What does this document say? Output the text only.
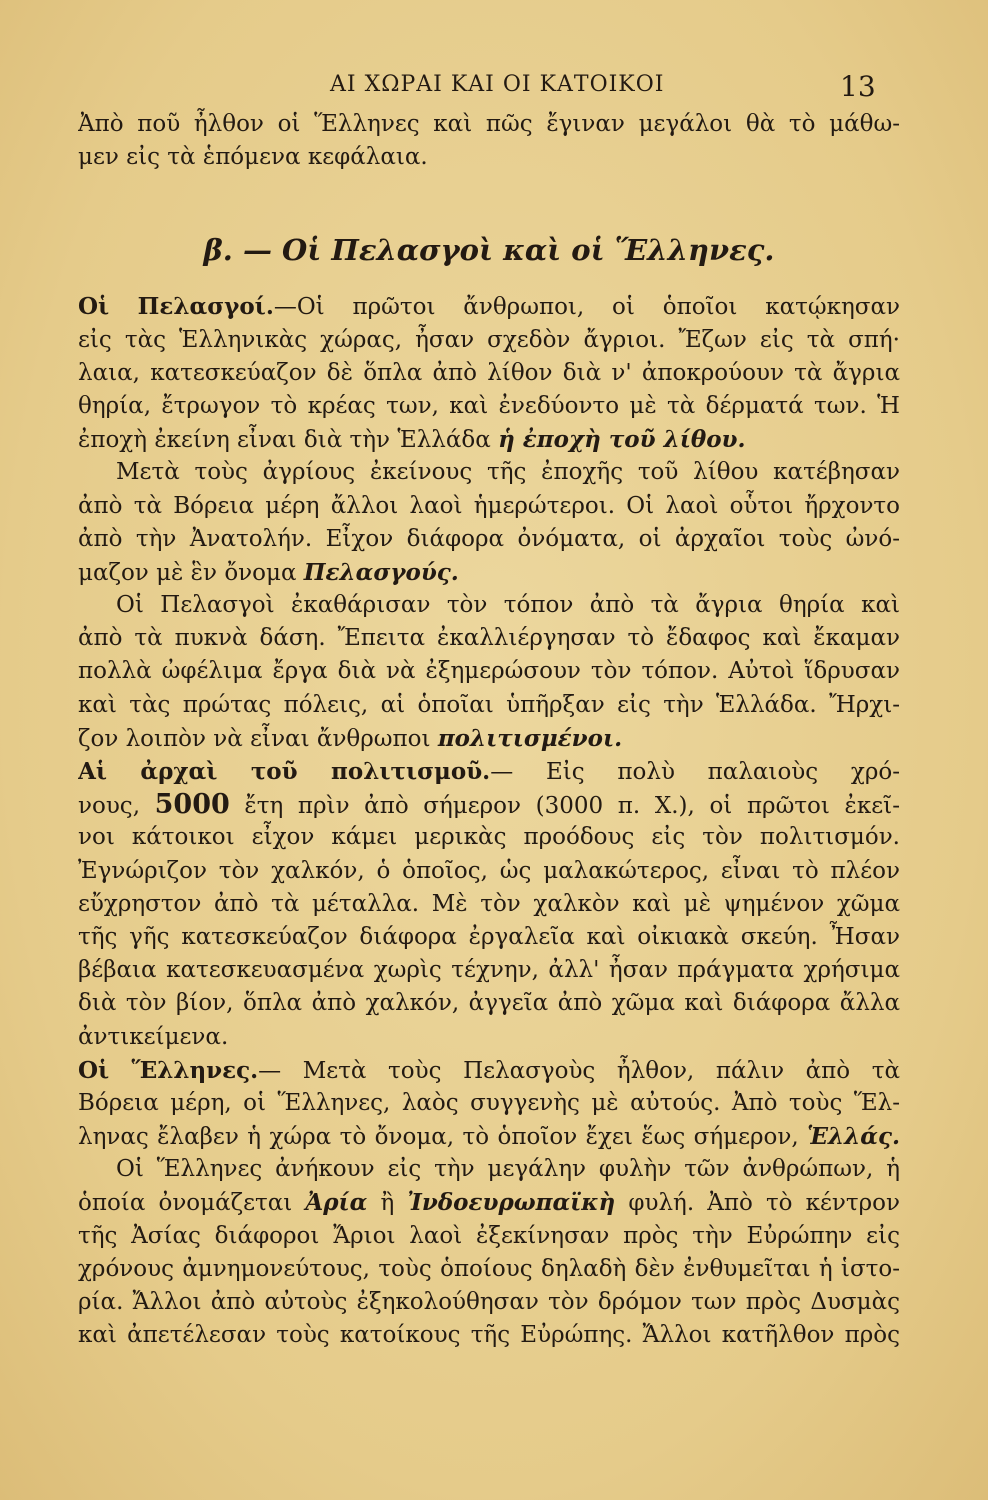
ΑΙ ΧΩΡΑΙ ΚΑΙ ΟΙ ΚΑΤΟΙΚΟΙ	13
Ἀπὸ ποῦ ἦλθον οἱ Ἕλληνες καὶ πῶς ἔγιναν μεγάλοι θὰ τὸ μάθω-
μεν εἰς τὰ ἑπόμενα κεφάλαια.
β. — Οἱ Πελασγοὶ καὶ οἱ Ἕλληνες.
Οἱ Πελασγοί.—Οἱ πρῶτοι ἄνθρωποι, οἱ ὁποῖοι κατῴκησαν
εἰς τὰς Ἑλληνικὰς χώρας, ἦσαν σχεδὸν ἄγριοι. Ἔζων εἰς τὰ σπή·
λαια, κατεσκεύαζον δὲ ὅπλα ἀπὸ λίθον διὰ ν' ἀποκρούουν τὰ ἄγρια
θηρία, ἔτρωγον τὸ κρέας των, καὶ ἐνεδύοντο μὲ τὰ δέρματά των. Ἡ
ἐποχὴ ἐκείνη εἶναι διὰ τὴν Ἑλλάδα ἡ ἐποχὴ τοῦ λίθου.
Μετὰ τοὺς ἀγρίους ἐκείνους τῆς ἐποχῆς τοῦ λίθου κατέβησαν
ἀπὸ τὰ Βόρεια μέρη ἄλλοι λαοὶ ἡμερώτεροι. Οἱ λαοὶ οὗτοι ἤρχοντο
ἀπὸ τὴν Ἀνατολήν. Εἶχον διάφορα ὀνόματα, οἱ ἀρχαῖοι τοὺς ὠνό-
μαζον μὲ ἓν ὄνομα Πελασγούς.
Οἱ Πελασγοὶ ἐκαθάρισαν τὸν τόπον ἀπὸ τὰ ἄγρια θηρία καὶ
ἀπὸ τὰ πυκνὰ δάση. Ἔπειτα ἐκαλλιέργησαν τὸ ἔδαφος καὶ ἔκαμαν
πολλὰ ὠφέλιμα ἔργα διὰ νὰ ἐξημερώσουν τὸν τόπον. Αὐτοὶ ἵδρυσαν
καὶ τὰς πρώτας πόλεις, αἱ ὁποῖαι ὑπῆρξαν εἰς τὴν Ἑλλάδα. Ἤρχι-
ζον λοιπὸν νὰ εἶναι ἄνθρωποι πολιτισμένοι.
Αἱ ἀρχαὶ τοῦ πολιτισμοῦ.— Εἰς πολὺ παλαιοὺς χρό-
νους, 5000 ἔτη πρὶν ἀπὸ σήμερον (3000 π. Χ.), οἱ πρῶτοι ἐκεῖ-
νοι κάτοικοι εἶχον κάμει μερικὰς προόδους εἰς τὸν πολιτισμόν.
Ἐγνώριζον τὸν χαλκόν, ὁ ὁποῖος, ὡς μαλακώτερος, εἶναι τὸ πλέον
εὔχρηστον ἀπὸ τὰ μέταλλα. Μὲ τὸν χαλκὸν καὶ μὲ ψημένον χῶμα
τῆς γῆς κατεσκεύαζον διάφορα ἐργαλεῖα καὶ οἰκιακὰ σκεύη. Ἦσαν
βέβαια κατεσκευασμένα χωρὶς τέχνην, ἀλλ' ἦσαν πράγματα χρήσιμα
διὰ τὸν βίον, ὅπλα ἀπὸ χαλκόν, ἀγγεῖα ἀπὸ χῶμα καὶ διάφορα ἄλλα
ἀντικείμενα.
Οἱ Ἕλληνες.— Μετὰ τοὺς Πελασγοὺς ἦλθον, πάλιν ἀπὸ τὰ
Βόρεια μέρη, οἱ Ἕλληνες, λαὸς συγγενὴς μὲ αὐτούς. Ἀπὸ τοὺς Ἕλ-
ληνας ἔλαβεν ἡ χώρα τὸ ὄνομα, τὸ ὁποῖον ἔχει ἕως σήμερον, Ἑλλάς.
Οἱ Ἕλληνες ἀνήκουν εἰς τὴν μεγάλην φυλὴν τῶν ἀνθρώπων, ἡ
ὁποία ὀνομάζεται Ἀρία ἢ Ἰνδοευρωπαϊκὴ φυλή. Ἀπὸ τὸ κέντρον
τῆς Ἀσίας διάφοροι Ἄριοι λαοὶ ἐξεκίνησαν πρὸς τὴν Εὐρώπην εἰς
χρόνους ἀμνημονεύτους, τοὺς ὁποίους δηλαδὴ δὲν ἐνθυμεῖται ἡ ἱστο-
ρία. Ἄλλοι ἀπὸ αὐτοὺς ἐξηκολούθησαν τὸν δρόμον των πρὸς Δυσμὰς
καὶ ἀπετέλεσαν τοὺς κατοίκους τῆς Εὐρώπης. Ἄλλοι κατῆλθον πρὸς
